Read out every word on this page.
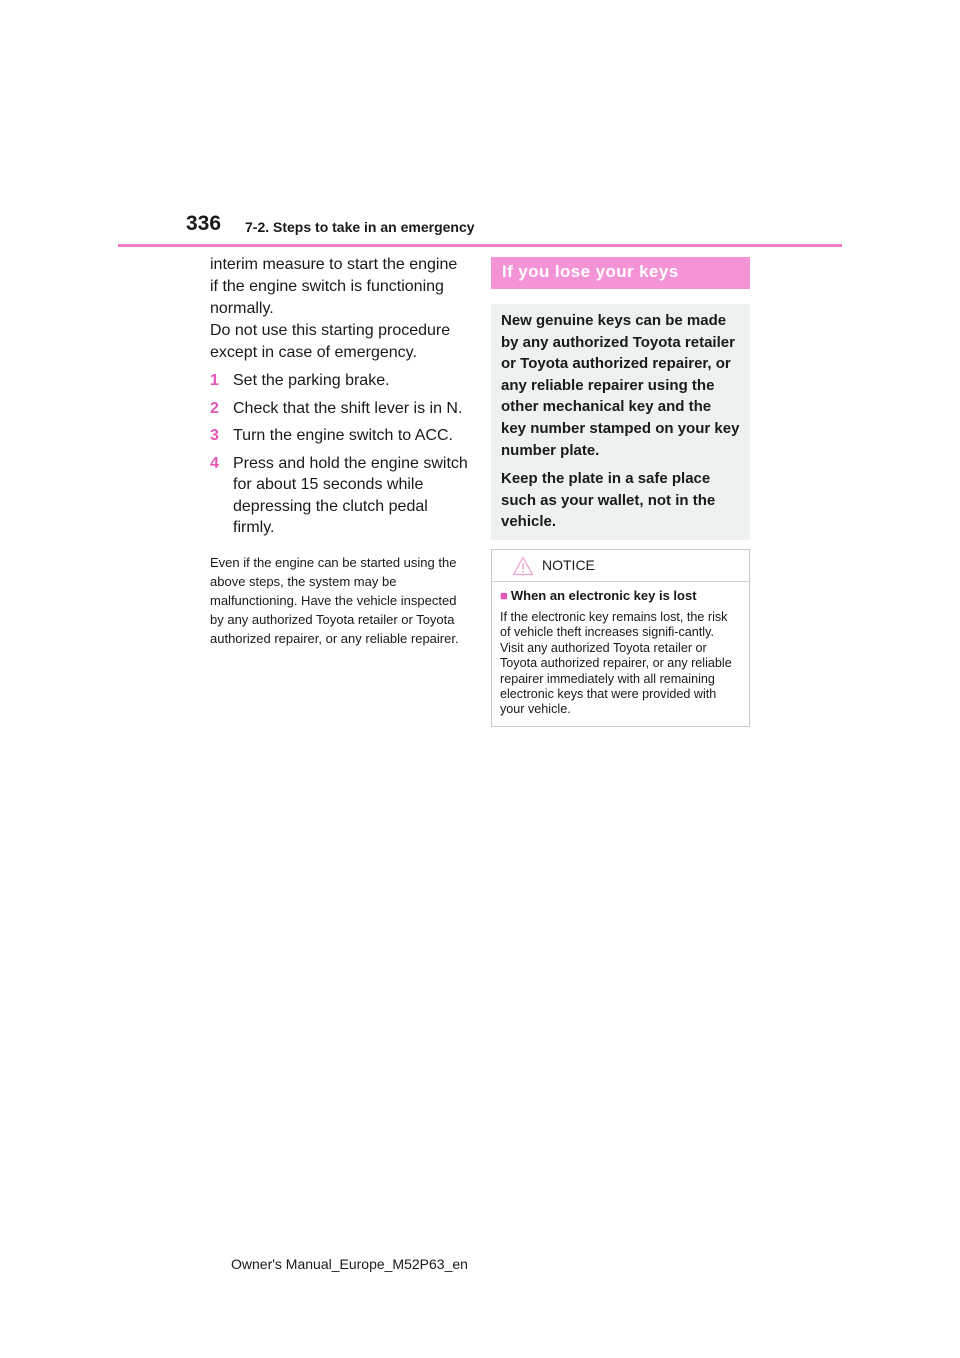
336 7-2. Steps to take in an emergency

interim measure to start the engine if the engine switch is functioning normally.

Do not use this starting procedure except in case of emergency.

1 Set the parking brake.
2 Check that the shift lever is in N.
3 Turn the engine switch to ACC.
4 Press and hold the engine switch for about 15 seconds while depressing the clutch pedal firmly.

Even if the engine can be started using the above steps, the system may be malfunctioning. Have the vehicle inspected by any authorized Toyota retailer or Toyota authorized repairer, or any reliable repairer.

If you lose your keys

New genuine keys can be made by any authorized Toyota retailer or Toyota authorized repairer, or any reliable repairer using the other mechanical key and the key number stamped on your key number plate.

Keep the plate in a safe place such as your wallet, not in the vehicle.

NOTICE
■ When an electronic key is lost
If the electronic key remains lost, the risk of vehicle theft increases signifi-cantly. Visit any authorized Toyota retailer or Toyota authorized repairer, or any reliable repairer immediately with all remaining electronic keys that were provided with your vehicle.
Owner's Manual_Europe_M52P63_en
